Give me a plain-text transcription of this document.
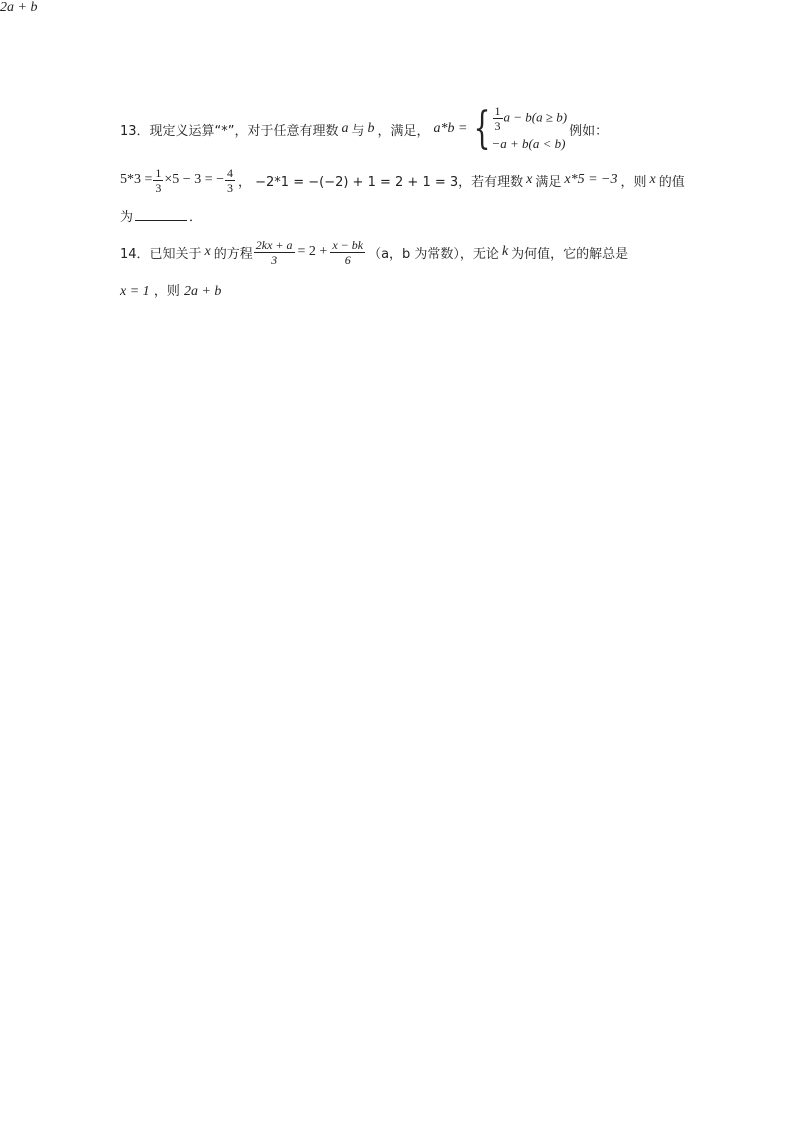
13．现定义运算“*”，对于任意有理数 a 与 b ，满足， a*b = { $\frac{1}{3}$ a − b(a ≥ b)
−a + b(a < b)
例如：
$5*3 = \frac{1}{3} \times 5 - 3$ = − $\frac{4}{3}$ ， −2*1 = −(−2) + 1 = 2 + 1 = 3，若有理数 x 满足 x*5 = −3 ，则 x 的值
为	．
14．已知关于 x 的方程 $\frac{2kx + a}{3} = 2 + \frac{x - bk}{6} (a$，b 为常数），无论 k 为何值，它的解总是
x = 1 ，则 2a + b
2a + b
